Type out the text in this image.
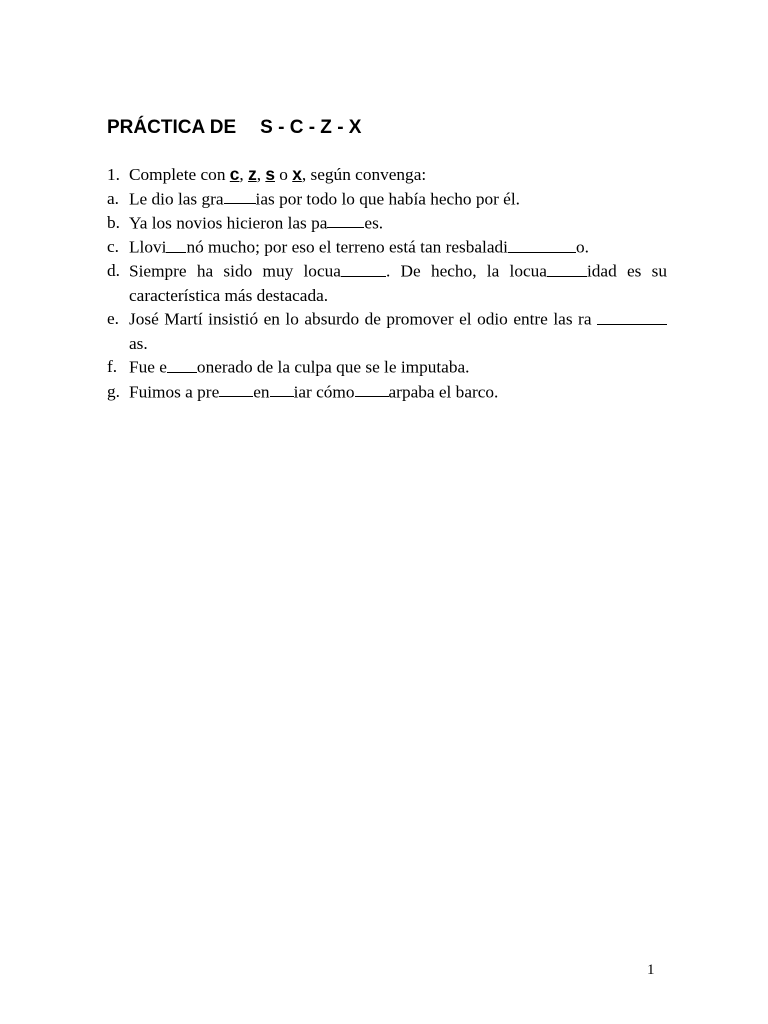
PRÁCTICA DE S - C - Z - X
1. Complete con c, z, s o x, según convenga:
a. Le dio las gra ias por todo lo que había hecho por él.
b. Ya los novios hicieron las pa es.
c. Llovi nó mucho; por eso el terreno está tan resbaladi	o.
d. Siempre ha sido muy locua	. De hecho, la locua idad es su característica más destacada.
e. José Martí insistió en lo absurdo de promover el odio entre las ra as.
f. Fue e onerado de la culpa que se le imputaba.
g. Fuimos a pre en iar cómo arpaba el barco.

1
